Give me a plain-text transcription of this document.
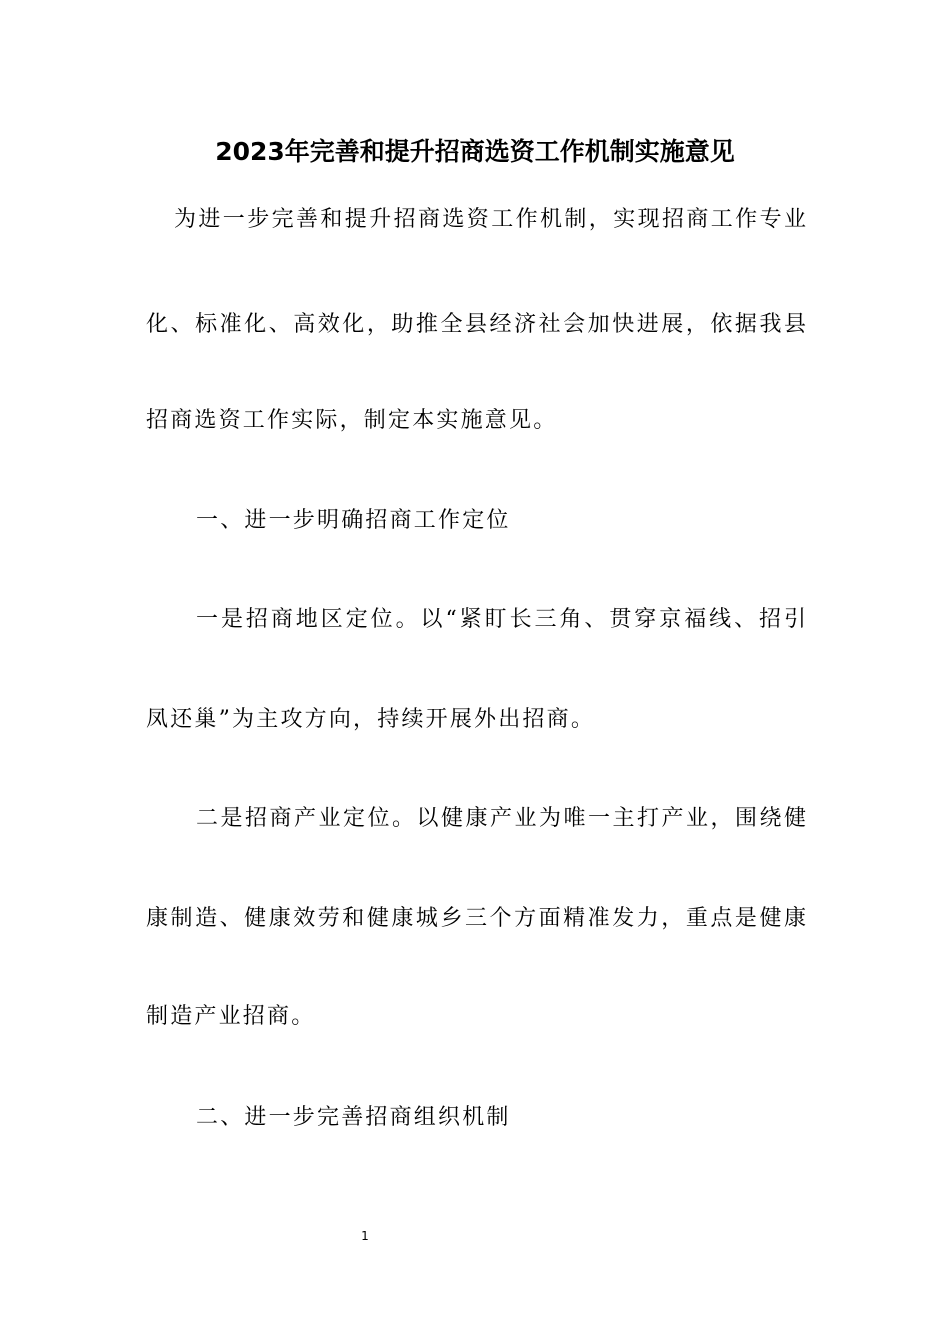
2023年完善和提升招商选资工作机制实施意见
为进一步完善和提升招商选资工作机制，实现招商工作专业
化、标准化、高效化，助推全县经济社会加快进展，依据我县
招商选资工作实际，制定本实施意见。
一、进一步明确招商工作定位
一是招商地区定位。以“紧盯长三角、贯穿京福线、招引
凤还巢”为主攻方向，持续开展外出招商。
二是招商产业定位。以健康产业为唯一主打产业，围绕健
康制造、健康效劳和健康城乡三个方面精准发力，重点是健康
制造产业招商。
二、进一步完善招商组织机制
1
